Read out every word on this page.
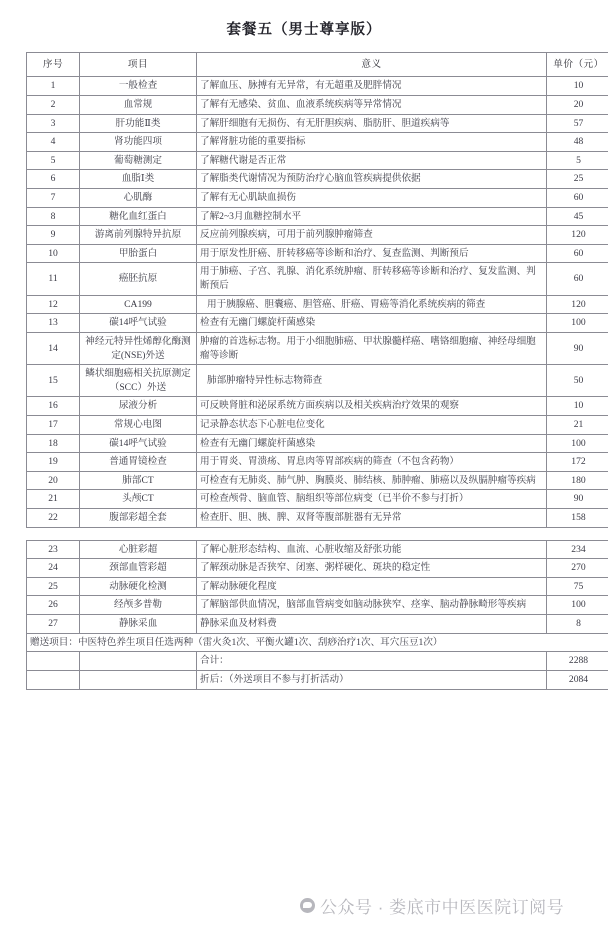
套餐五（男士尊享版）
序号	项目	意义	单价（元）
1	一般检查	了解血压、脉搏有无异常，有无超重及肥胖情况	10
2	血常规	了解有无感染、贫血、血液系统疾病等异常情况	20
3	肝功能Ⅱ类	了解肝细胞有无损伤、有无肝胆疾病、脂肪肝、胆道疾病等	57
4	肾功能四项	了解肾脏功能的重要指标	48
5	葡萄糖测定	了解糖代谢是否正常	5
6	血脂Ⅰ类	了解脂类代谢情况为预防治疗心脑血管疾病提供依据	25
7	心肌酶	了解有无心肌缺血损伤	60
8	糖化血红蛋白	了解2~3月血糖控制水平	45
9	游离前列腺特异抗原	反应前列腺疾病，可用于前列腺肿瘤筛查	120
10	甲胎蛋白	用于原发性肝癌、肝转移癌等诊断和治疗、复查监测、判断预后	60
11	癌胚抗原	用于肺癌、子宫、乳腺、消化系统肿瘤、肝转移癌等诊断和治疗、复发监测、判断预后	60
12	CA199	用于胰腺癌、胆囊癌、胆管癌、肝癌、胃癌等消化系统疾病的筛查	120
13	碳14呼气试验	检查有无幽门螺旋杆菌感染	100
14	神经元特异性烯醇化酶测定(NSE)外送	肿瘤的首选标志物。用于小细胞肺癌、甲状腺髓样癌、嗜铬细胞瘤、神经母细胞瘤等诊断	90
15	鳞状细胞癌相关抗原测定（SCC）外送	肺部肿瘤特异性标志物筛查	50
16	尿液分析	可反映肾脏和泌尿系统方面疾病以及相关疾病治疗效果的观察	10
17	常规心电图	记录静态状态下心脏电位变化	21
18	碳14呼气试验	检查有无幽门螺旋杆菌感染	100
19	普通胃镜检查	用于胃炎、胃溃疡、胃息肉等胃部疾病的筛查（不包含药物）	172
20	肺部CT	可检查有无肺炎、肺气肿、胸膜炎、肺结核、肺肿瘤、肺癌以及纵膈肿瘤等疾病	180
21	头颅CT	可检查颅骨、脑血管、脑组织等部位病变（已半价不参与打折）	90
22	腹部彩超全套	检查肝、胆、胰、脾、双肾等腹部脏器有无异常	158
23	心脏彩超	了解心脏形态结构、血流、心脏收缩及舒张功能	234
24	颈部血管彩超	了解颈动脉是否狭窄、闭塞、粥样硬化、斑块的稳定性	270
25	动脉硬化检测	了解动脉硬化程度	75
26	经颅多普勒	了解脑部供血情况，脑部血管病变如脑动脉狭窄、痉挛、脑动静脉畸形等疾病	100
27	静脉采血	静脉采血及材料费	8
赠送项目：中医特色养生项目任选两种（雷火灸1次、平衡火罐1次、刮痧治疗1次、耳穴压豆1次）			
		合计：	2288
		折后：（外送项目不参与打折活动）	2084
公众号 · 娄底市中医医院订阅号
